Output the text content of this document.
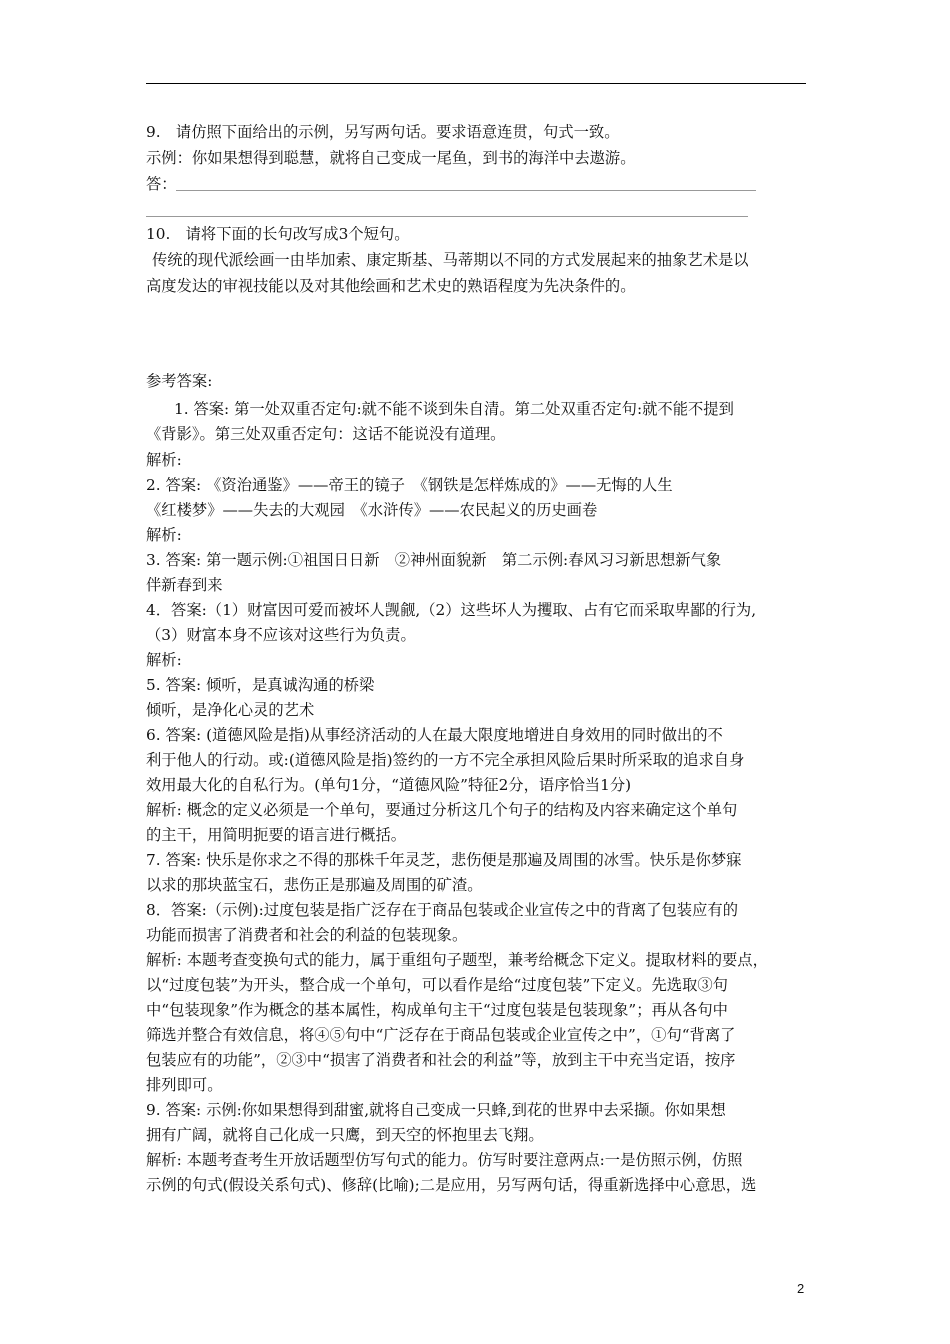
9.　请仿照下面给出的示例，另写两句话。要求语意连贯，句式一致。
示例：你如果想得到聪慧，就将自己变成一尾鱼，到书的海洋中去遨游。
答：
10.　请将下面的长句改写成3个短句。
传统的现代派绘画一由毕加索、康定斯基、马蒂期以不同的方式发展起来的抽象艺术是以
高度发达的审视技能以及对其他绘画和艺术史的熟语程度为先决条件的。
参考答案:
1. 答案: 第一处双重否定句:就不能不谈到朱自清。第二处双重否定句:就不能不提到
《背影》。第三处双重否定句：这话不能说没有道理。
解析:
2. 答案: 《资治通鉴》——帝王的镜子　《钢铁是怎样炼成的》——无悔的人生
《红楼梦》——失去的大观园　《水浒传》——农民起义的历史画卷
解析:
3. 答案: 第一题示例:①祖国日日新　②神州面貌新　第二示例:春风习习新思想新气象
伴新春到来
4．答案:（1）财富因可爱而被坏人觊觎,（2）这些坏人为攫取、占有它而采取卑鄙的行为,
（3）财富本身不应该对这些行为负责。
解析:
5. 答案: 倾听，是真诚沟通的桥梁
倾听，是净化心灵的艺术
6. 答案: (道德风险是指)从事经济活动的人在最大限度地增进自身效用的同时做出的不
利于他人的行动。或:(道德风险是指)签约的一方不完全承担风险后果时所采取的追求自身
效用最大化的自私行为。(单句1分，“道德风险”特征2分，语序恰当1分)
解析: 概念的定义必须是一个单句，要通过分析这几个句子的结构及内容来确定这个单句
的主干，用简明扼要的语言进行概括。
7. 答案: 快乐是你求之不得的那株千年灵芝，悲伤便是那遍及周围的冰雪。快乐是你梦寐
以求的那块蓝宝石，悲伤正是那遍及周围的矿渣。
8．答案:（示例):过度包装是指广泛存在于商品包装或企业宣传之中的背离了包装应有的
功能而损害了消费者和社会的利益的包装现象。
解析: 本题考查变换句式的能力，属于重组句子题型，兼考给概念下定义。提取材料的要点，
以“过度包装”为开头，整合成一个单句，可以看作是给“过度包装”下定义。先选取③句
中“包装现象”作为概念的基本属性，构成单句主干“过度包装是包装现象”；再从各句中
筛选并整合有效信息，将④⑤句中“广泛存在于商品包装或企业宣传之中”，①句“背离了
包装应有的功能”，②③中“损害了消费者和社会的利益”等，放到主干中充当定语，按序
排列即可。
9. 答案: 示例:你如果想得到甜蜜,就将自己变成一只蜂,到花的世界中去采撷。你如果想
拥有广阔，就将自己化成一只鹰，到天空的怀抱里去飞翔。
解析: 本题考查考生开放话题型仿写句式的能力。仿写时要注意两点:一是仿照示例，仿照
示例的句式(假设关系句式)、修辞(比喻);二是应用，另写两句话，得重新选择中心意思，选
2
